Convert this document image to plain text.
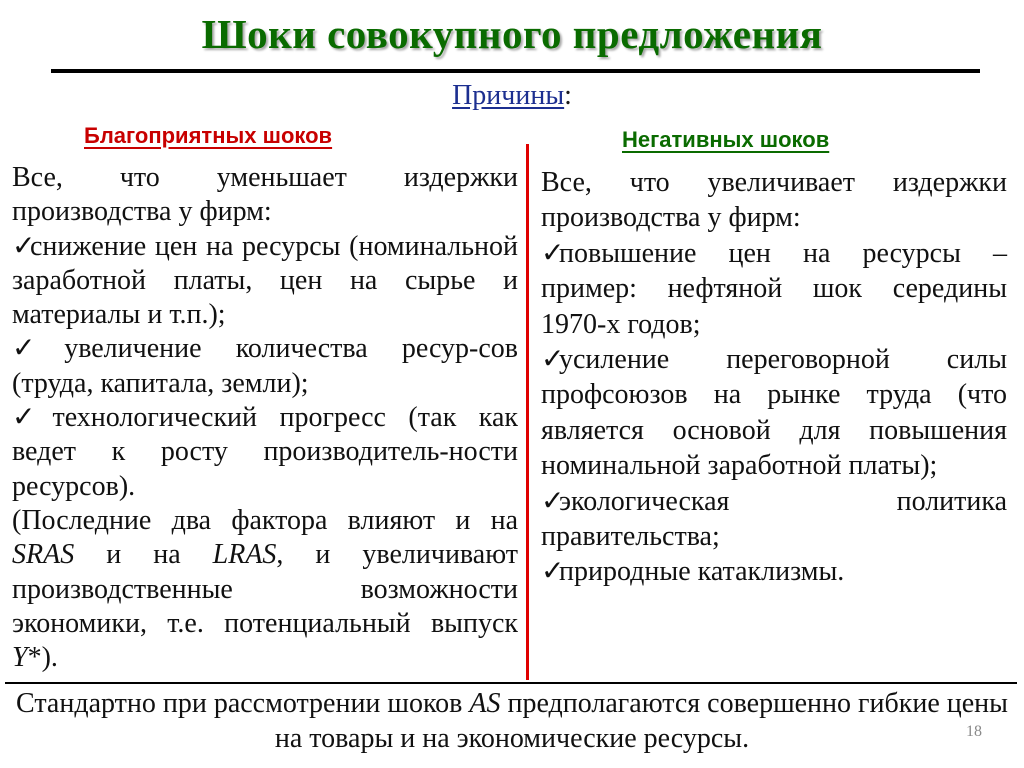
Шоки совокупного предложения
Причины:
Благоприятных шоков	Негативных шоков

Все, что уменьшает издержки производства у фирм:

✓снижение цен на ресурсы (номинальной заработной платы, цен на сырье и материалы и т.п.);

✓ увеличение количества ресур-сов (труда, капитала, земли);

✓ технологический прогресс (так как ведет к росту производитель-ности ресурсов).

(Последние два фактора влияют и на SRAS и на LRAS, и увеличивают производственные возможности экономики, т.е. потенциальный выпуск Y*).

Все, что увеличивает издержки производства у фирм:

✓повышение цен на ресурсы – пример: нефтяной шок середины 1970-х годов;

✓усиление переговорной силы профсоюзов на рынке труда (что является основой для повышения номинальной заработной платы);

✓экологическая политика правительства;

✓природные катаклизмы.

Стандартно при рассмотрении шоков AS предполагаются совершенно гибкие цены на товары и на экономические ресурсы.	18
